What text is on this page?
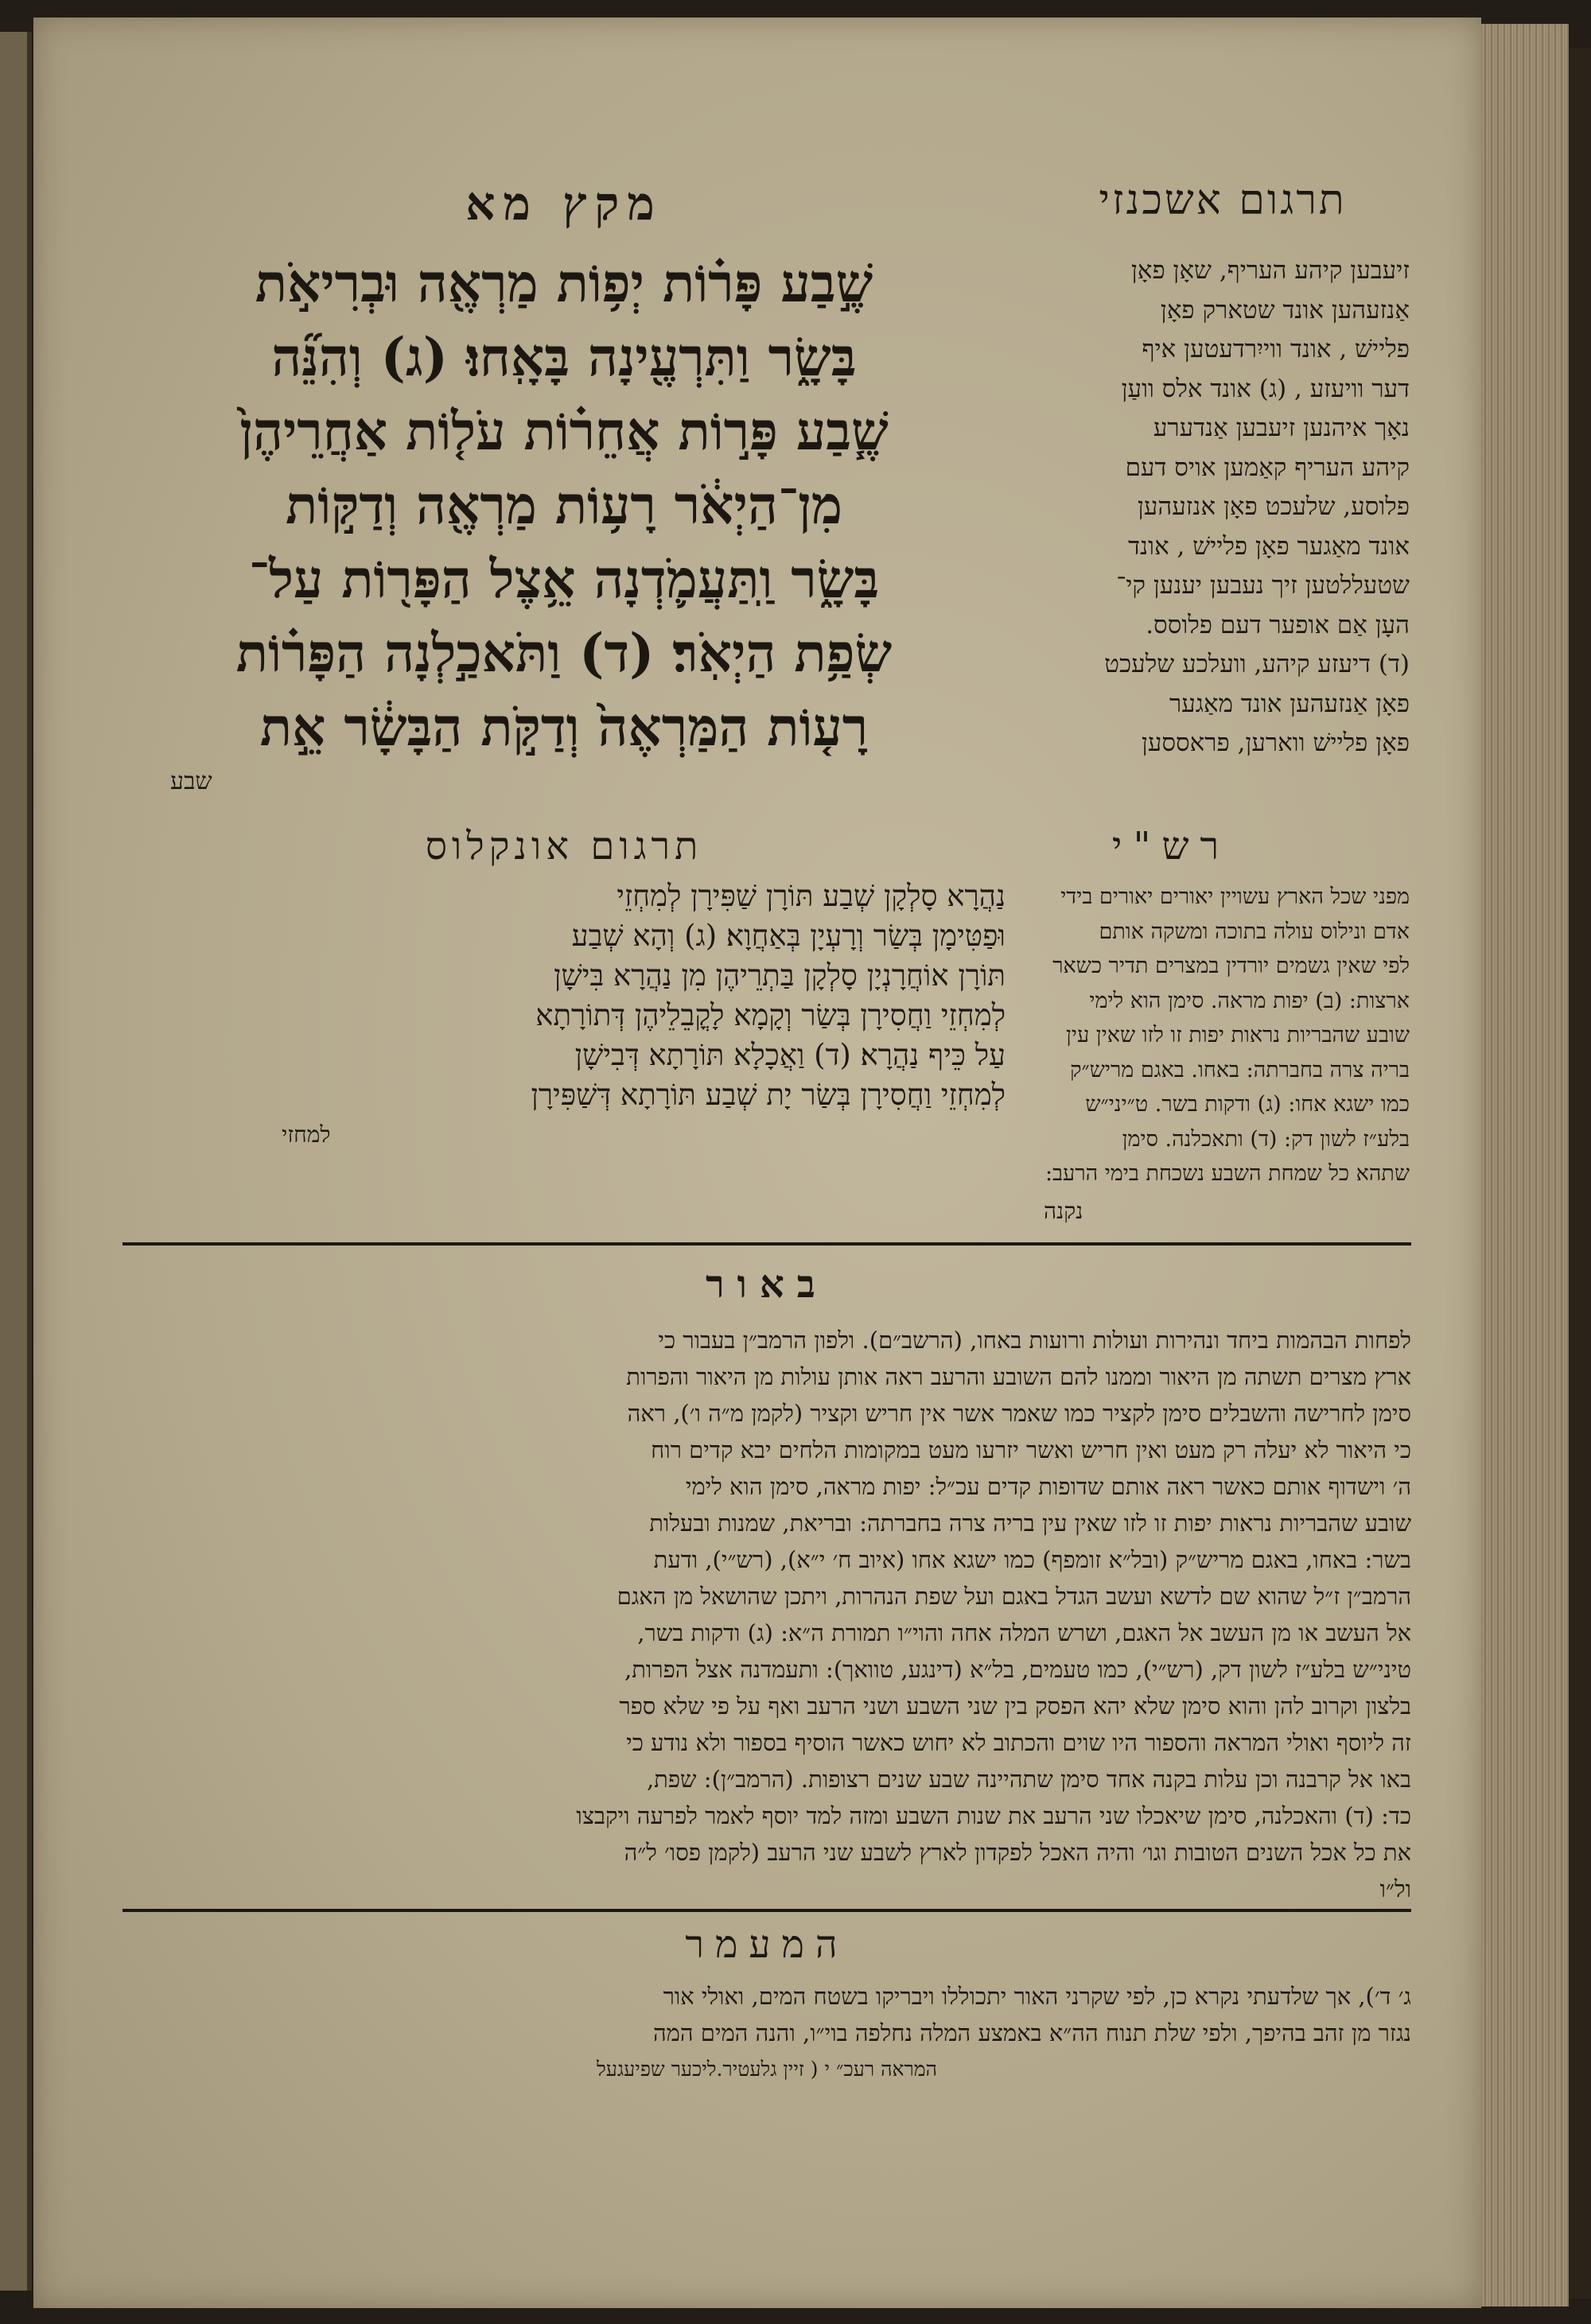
תרגום אשכנזי
זיעבען קיהע העריף, שאָן פאָן
אַנזעהען אונד שטארק פאָן
פליישׁ , אונד ווייִרדעטען איף
דער וויעזע , (ג) אונד אלס וועַן
נאָך איהנען זיעבען אַנדערע
קיהע העריף קאַמען אויס דעם
פלוסע, שלעכט פאָן אנזעהען
אונד מאַגער פאָן פליישׁ , אונד
שטעללטען זיך נעבען יענען קי־
העָן אַם אופער דעם פלוסס.
(ד) דיעזע קיהע, וועלכע שלעכט
פאָן אַנזעהען אונד מאַגער
פאָן פליישׁ ווארען, פראססען
מקץ מא
שֶׁ֣בַע פָּר֗וֹת יְפ֥וֹת מַרְאֶ֖ה וּבְרִיאֹ֣ת
בָּשָׂ֑ר וַתִּרְעֶ֖ינָה בָּאָֽחוּ׃ (ג) וְהִנֵּ֞ה
שֶׁ֧בַע פָּר֣וֹת אֲחֵר֗וֹת עֹל֤וֹת אַחֲרֵיהֶן֙
מִן־הַיְאֹ֔ר רָע֥וֹת מַרְאֶ֖ה וְדַקּ֣וֹת
בָּשָׂ֑ר וַֽתַּעֲמֹ֛דְנָה אֵ֥צֶל הַפָּר֖וֹת עַל־
שְׂפַ֥ת הַיְאֹֽר׃ (ד) וַתֹּאכַ֣לְנָה הַפָּר֗וֹת
רָע֤וֹת הַמַּרְאֶה֙ וְדַקֹּ֣ת הַבָּשָׂ֔ר אֵ֣ת
שבע
תרגום אונקלוס
נַהֲרָא סָלְקָן שְׁבַע תּוֹרָן שַׁפִּירָן לְמִחְזֵי
וּפַטִּימָן בְּשַׂר וְרָעְיָן בְּאַחֲוָא׃ (ג) וְהָא שְׁבַע
תּוֹרָן אוֹחֲרָנְיָן סָלְקָן בַּתְרֵיהֶן מִן נַהֲרָא בִּישָׁן
לְמִחְזֵי וַחֲסִירָן בְּשַׂר וְקָמָא לָקֳבֵלֵיהֶן דְּתוֹרָתָא
עַל כֵּיף נַהֲרָא׃ (ד) וַאֲכָלָא תּוֹרָתָא דְּבִישָׁן
לְמִחְזֵי וַחֲסִירָן בְּשַׂר יָת שְׁבַע תּוֹרָתָא דְּשַׁפִּירָן
למחזי
רש"י
מפני שכל הארץ עשויין יאורים יאורים בידי
אדם ונילוס עולה בתוכה ומשקה אותם
לפי שאין גשמים יורדין במצרים תדיר כשאר
ארצות: (ב) יפות מראה. סימן הוא לימי
שובע שהבריות נראות יפות זו לזו שאין עין
בריה צרה בחברתה: באחו. באגם מריש״ק
כמו ישגא אחו: (ג) ודקות בשר. ט״יני״ש
בלע״ז לשון דק: (ד) ותאכלנה. סימן
שתהא כל שמחת השבע נשכחת בימי הרעב:
נקנה
באור
לפחות הבהמות ביחד ונהירות ועולות ורועות באחו, (הרשב״ם). ולפון הרמב״ן בעבור כי
ארץ מצרים תשתה מן היאור וממנו להם השובע והרעב ראה אותן עולות מן היאור והפרות
סימן לחרישה והשבלים סימן לקציר כמו שאמר אשר אין חריש וקציר (לקמן מ״ה ו׳), ראה
כי היאור לא יעלה רק מעט ואין חריש ואשר יזרעו מעט במקומות הלחים יבא קדים רוח
ה׳ וישדוף אותם כאשר ראה אותם שדופות קדים עכ״ל: יפות מראה, סימן הוא לימי
שובע שהבריות נראות יפות זו לזו שאין עין בריה צרה בחברתה: ובריאת, שמנות ובעלות
בשר: באחו, באגם מריש״ק (ובל״א זומפף) כמו ישגא אחו (איוב ח׳ י״א), (רש״י), ודעת
הרמב״ן ז״ל שהוא שם לדשא ועשב הגדל באגם ועל שפת הנהרות, ויתכן שהושאל מן האגם
אל העשב או מן העשב אל האגם, ושרש המלה אחה והוי״ו תמורת ה״א: (ג) ודקות בשר,
טיני״ש בלע״ז לשון דק, (רש״י), כמו טעמים, בל״א (דינגע, טוואך): ותעמדנה אצל הפרות,
בלצון וקרוב להן והוא סימן שלא יהא הפסק בין שני השבע ושני הרעב ואף על פי שלא ספר
זה ליוסף ואולי המראה והספור היו שוים והכתוב לא יחוש כאשר הוסיף בספור ולא נודע כי
באו אל קרבנה וכן עלות בקנה אחד סימן שתהיינה שבע שנים רצופות. (הרמב״ן): שפת,
כד: (ד) והאכלנה, סימן שיאכלו שני הרעב את שנות השבע ומזה למד יוסף לאמר לפרעה ויקבצו
את כל אכל השנים הטובות וגו׳ והיה האכל לפקדון לארץ לשבע שני הרעב (לקמן פסו׳ ל״ה
ול״ו
המעמר
ג׳ ד׳), אך שלדעתי נקרא כן, לפי שקרני האור יתכוללו ויבריקו בשטח המים, ואולי אור
נגזר מן זהב בהיפך, ולפי שלת תנוח הה״א באמצע המלה נחלפה בוי״ו, והנה המים המה
המראה רעכ״ י ( זיין גלעטיר.ליכער שפיעגעל
